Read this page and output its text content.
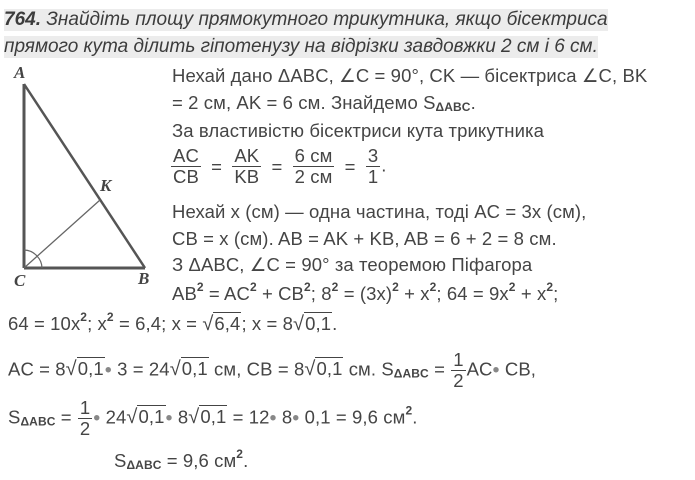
764. Знайдіть площу прямокутного трикутника, якщо бісектриса
прямого кута ділить гіпотенузу на відрізки завдовжки 2 см і 6 см.
A
K
C	B
Нехай дано ΔABC, ∠C = 90°, CK — бісектриса ∠C, BK
= 2 см, AK = 6 см. Знайдемо SΔABC.
За властивістю бісектриси кута трикутника
$\frac{AC}{CB} = \frac{AK}{KB} = \frac{6 см}{2 см} = \frac{3}{1}$ .
Нехай x (см) — одна частина, тоді AC = 3x (см),
CB = x (см). AB = AK + KB, AB = 6 + 2 = 8 см.
З ΔABC, ∠C = 90° за теоремою Піфагора
$AB^2 = AC^2 + CB^2$; $8^2 = (3x)^2 + x^2$; $64 = 9x^2 + x^2$;
$64 = 10x^2$; $x^2 = 6,4$; x = √6,4; x = 8√0,1.
AC = 8√0,1• 3 = 24√0,1 см, CB = 8√0,1 см. $S\Delta ABC = \frac{1}{2}$ AC• CB,
$S\Delta ABC = \frac{1}{2}$ • 24√0,1• 8√0,1 = 12• 8• 0,1 = 9,6 $см^2$.
SΔABC = 9,6 $см^2$.
